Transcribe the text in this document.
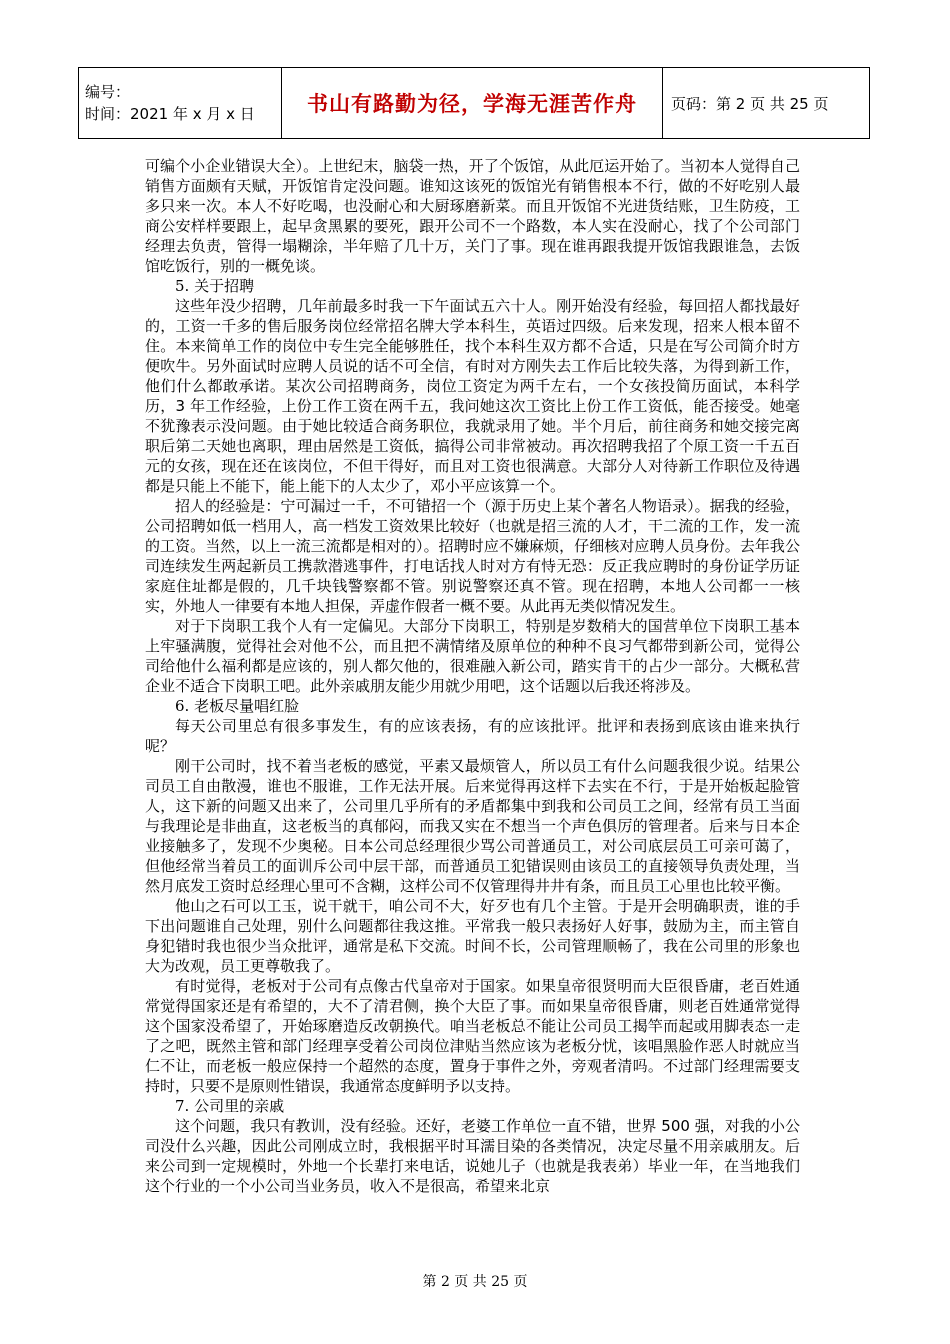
编号：
时间：2021 年 x 月 x 日	书山有路勤为径，学海无涯苦作舟	页码：第 2 页 共 25 页

可编个小企业错误大全）。上世纪末，脑袋一热，开了个饭馆，从此厄运开始了。当初本人觉得自己销售方面颇有天赋，开饭馆肯定没问题。谁知这该死的饭馆光有销售根本不行，做的不好吃别人最多只来一次。本人不好吃喝，也没耐心和大厨琢磨新菜。而且开饭馆不光进货结账，卫生防疫，工商公安样样要跟上，起早贪黑累的要死，跟开公司不一个路数，本人实在没耐心，找了个公司部门经理去负责，管得一塌糊涂，半年赔了几十万，关门了事。现在谁再跟我提开饭馆我跟谁急，去饭馆吃饭行，别的一概免谈。

5. 关于招聘

这些年没少招聘，几年前最多时我一下午面试五六十人。刚开始没有经验，每回招人都找最好的，工资一千多的售后服务岗位经常招名牌大学本科生，英语过四级。后来发现，招来人根本留不住。本来简单工作的岗位中专生完全能够胜任，找个本科生双方都不合适，只是在写公司简介时方便吹牛。另外面试时应聘人员说的话不可全信，有时对方刚失去工作后比较失落，为得到新工作，他们什么都敢承诺。某次公司招聘商务，岗位工资定为两千左右，一个女孩投简历面试，本科学历，3 年工作经验，上份工作工资在两千五，我问她这次工资比上份工作工资低，能否接受。她毫不犹豫表示没问题。由于她比较适合商务职位，我就录用了她。半个月后，前往商务和她交接完离职后第二天她也离职，理由居然是工资低，搞得公司非常被动。再次招聘我招了个原工资一千五百元的女孩，现在还在该岗位，不但干得好，而且对工资也很满意。大部分人对待新工作职位及待遇都是只能上不能下，能上能下的人太少了，邓小平应该算一个。

招人的经验是：宁可漏过一千，不可错招一个（源于历史上某个著名人物语录）。据我的经验，公司招聘如低一档用人，高一档发工资效果比较好（也就是招三流的人才，干二流的工作，发一流的工资。当然，以上一流三流都是相对的）。招聘时应不嫌麻烦，仔细核对应聘人员身份。去年我公司连续发生两起新员工携款潜逃事件，打电话找人时对方有恃无恐：反正我应聘时的身份证学历证家庭住址都是假的，几千块钱警察都不管。别说警察还真不管。现在招聘，本地人公司都一一核实，外地人一律要有本地人担保，弄虚作假者一概不要。从此再无类似情况发生。

对于下岗职工我个人有一定偏见。大部分下岗职工，特别是岁数稍大的国营单位下岗职工基本上牢骚满腹，觉得社会对他不公，而且把不满情绪及原单位的种种不良习气都带到新公司，觉得公司给他什么福利都是应该的，别人都欠他的，很难融入新公司，踏实肯干的占少一部分。大概私营企业不适合下岗职工吧。此外亲戚朋友能少用就少用吧，这个话题以后我还将涉及。

6. 老板尽量唱红脸

每天公司里总有很多事发生，有的应该表扬，有的应该批评。批评和表扬到底该由谁来执行呢？

刚干公司时，找不着当老板的感觉，平素又最烦管人，所以员工有什么问题我很少说。结果公司员工自由散漫，谁也不服谁，工作无法开展。后来觉得再这样下去实在不行，于是开始板起脸管人，这下新的问题又出来了，公司里几乎所有的矛盾都集中到我和公司员工之间，经常有员工当面与我理论是非曲直，这老板当的真郁闷，而我又实在不想当一个声色俱厉的管理者。后来与日本企业接触多了，发现不少奥秘。日本公司总经理很少骂公司普通员工，对公司底层员工可亲可蔼了，但他经常当着员工的面训斥公司中层干部，而普通员工犯错误则由该员工的直接领导负责处理，当然月底发工资时总经理心里可不含糊，这样公司不仅管理得井井有条，而且员工心里也比较平衡。

他山之石可以工玉，说干就干，咱公司不大，好歹也有几个主管。于是开会明确职责，谁的手下出问题谁自己处理，别什么问题都往我这推。平常我一般只表扬好人好事，鼓励为主，而主管自身犯错时我也很少当众批评，通常是私下交流。时间不长，公司管理顺畅了，我在公司里的形象也大为改观，员工更尊敬我了。

有时觉得，老板对于公司有点像古代皇帝对于国家。如果皇帝很贤明而大臣很昏庸，老百姓通常觉得国家还是有希望的，大不了清君侧，换个大臣了事。而如果皇帝很昏庸，则老百姓通常觉得这个国家没希望了，开始琢磨造反改朝换代。咱当老板总不能让公司员工揭竿而起或用脚表态一走了之吧，既然主管和部门经理享受着公司岗位津贴当然应该为老板分忧，该唱黑脸作恶人时就应当仁不让，而老板一般应保持一个超然的态度，置身于事件之外，旁观者清吗。不过部门经理需要支持时，只要不是原则性错误，我通常态度鲜明予以支持。

7. 公司里的亲戚

这个问题，我只有教训，没有经验。还好，老婆工作单位一直不错，世界 500 强，对我的小公司没什么兴趣，因此公司刚成立时，我根据平时耳濡目染的各类情况，决定尽量不用亲戚朋友。后来公司到一定规模时，外地一个长辈打来电话，说她儿子（也就是我表弟）毕业一年，在当地我们这个行业的一个小公司当业务员，收入不是很高，希望来北京

第 2 页 共 25 页
